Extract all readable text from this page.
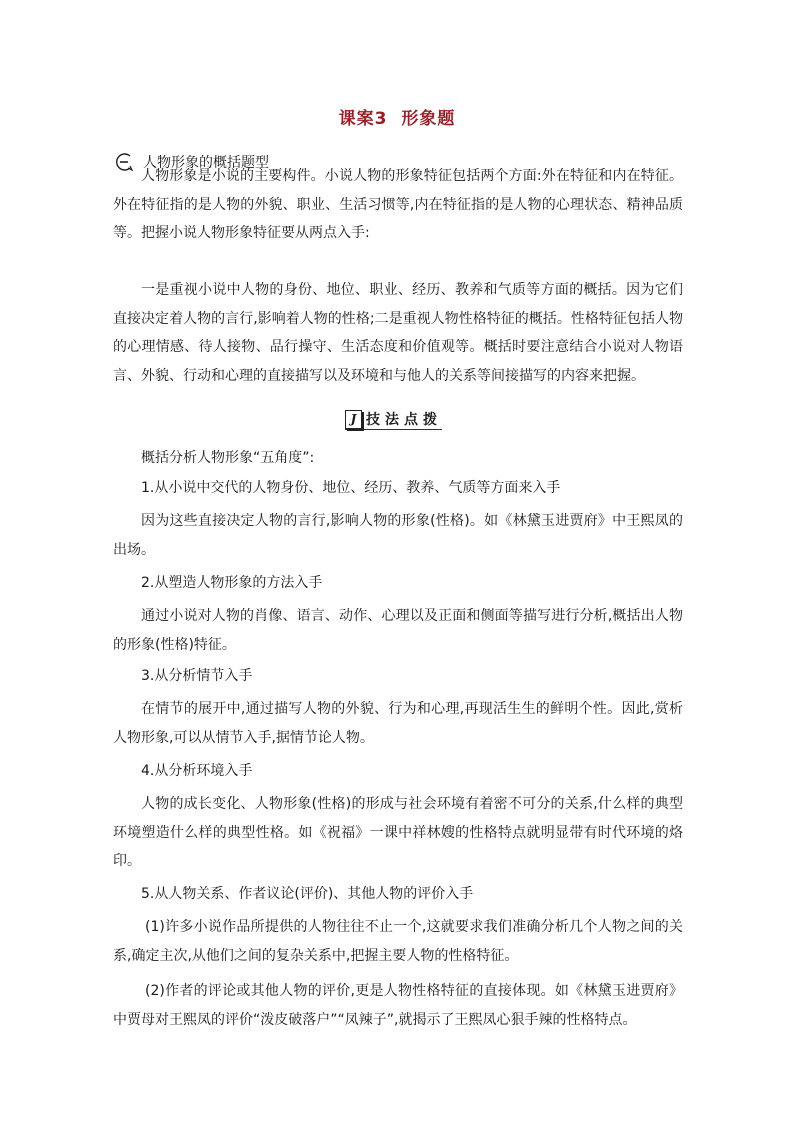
课案3 形象题
人物形象的概括题型

人物形象是小说的主要构件。小说人物的形象特征包括两个方面:外在特征和内在特征。外在特征指的是人物的外貌、职业、生活习惯等,内在特征指的是人物的心理状态、精神品质等。把握小说人物形象特征要从两点入手:

一是重视小说中人物的身份、地位、职业、经历、教养和气质等方面的概括。因为它们直接决定着人物的言行,影响着人物的性格;二是重视人物性格特征的概括。性格特征包括人物的心理情感、待人接物、品行操守、生活态度和价值观等。概括时要注意结合小说对人物语言、外貌、行动和心理的直接描写以及环境和与他人的关系等间接描写的内容来把握。

J 技法点拨
概括分析人物形象“五角度”:
1.从小说中交代的人物身份、地位、经历、教养、气质等方面来入手

因为这些直接决定人物的言行,影响人物的形象(性格)。如《林黛玉进贾府》中王熙凤的出场。

2.从塑造人物形象的方法入手

通过小说对人物的肖像、语言、动作、心理以及正面和侧面等描写进行分析,概括出人物的形象(性格)特征。

3.从分析情节入手

在情节的展开中,通过描写人物的外貌、行为和心理,再现活生生的鲜明个性。因此,赏析人物形象,可以从情节入手,据情节论人物。

4.从分析环境入手

人物的成长变化、人物形象(性格)的形成与社会环境有着密不可分的关系,什么样的典型环境塑造什么样的典型性格。如《祝福》一课中祥林嫂的性格特点就明显带有时代环境的烙印。

5.从人物关系、作者议论(评价)、其他人物的评价入手

(1)许多小说作品所提供的人物往往不止一个,这就要求我们准确分析几个人物之间的关系,确定主次,从他们之间的复杂关系中,把握主要人物的性格特征。

(2)作者的评论或其他人物的评价,更是人物性格特征的直接体现。如《林黛玉进贾府》中贾母对王熙凤的评价“泼皮破落户”“凤辣子”,就揭示了王熙凤心狠手辣的性格特点。
